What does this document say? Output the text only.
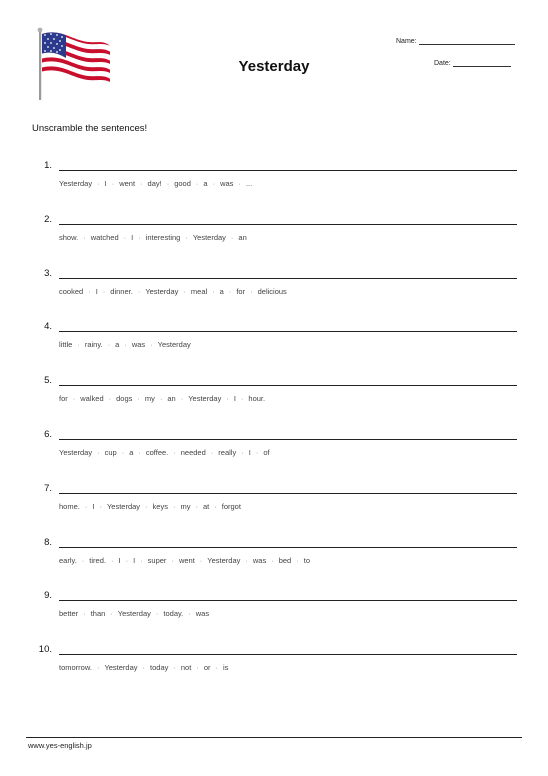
Yesterday
Name:
Date:
Unscramble the sentences!
1.
Yesterday · I · went · day! · good · a · was · ...
2.
show. · watched · I · interesting · Yesterday · an
3.
cooked · I · dinner. · Yesterday · meal · a · for · delicious
4.
little · rainy. · a · was · Yesterday
5.
for · walked · dogs · my · an · Yesterday · I · hour.
6.
Yesterday · cup · a · coffee. · needed · really · I · of
7.
home. · I · Yesterday · keys · my · at · forgot
8.
early. · tired. · I · I · super · went · Yesterday · was · bed · to
9.
better · than · Yesterday · today. · was
10.
tomorrow. · Yesterday · today · not · or · is
www.yes-english.jp
